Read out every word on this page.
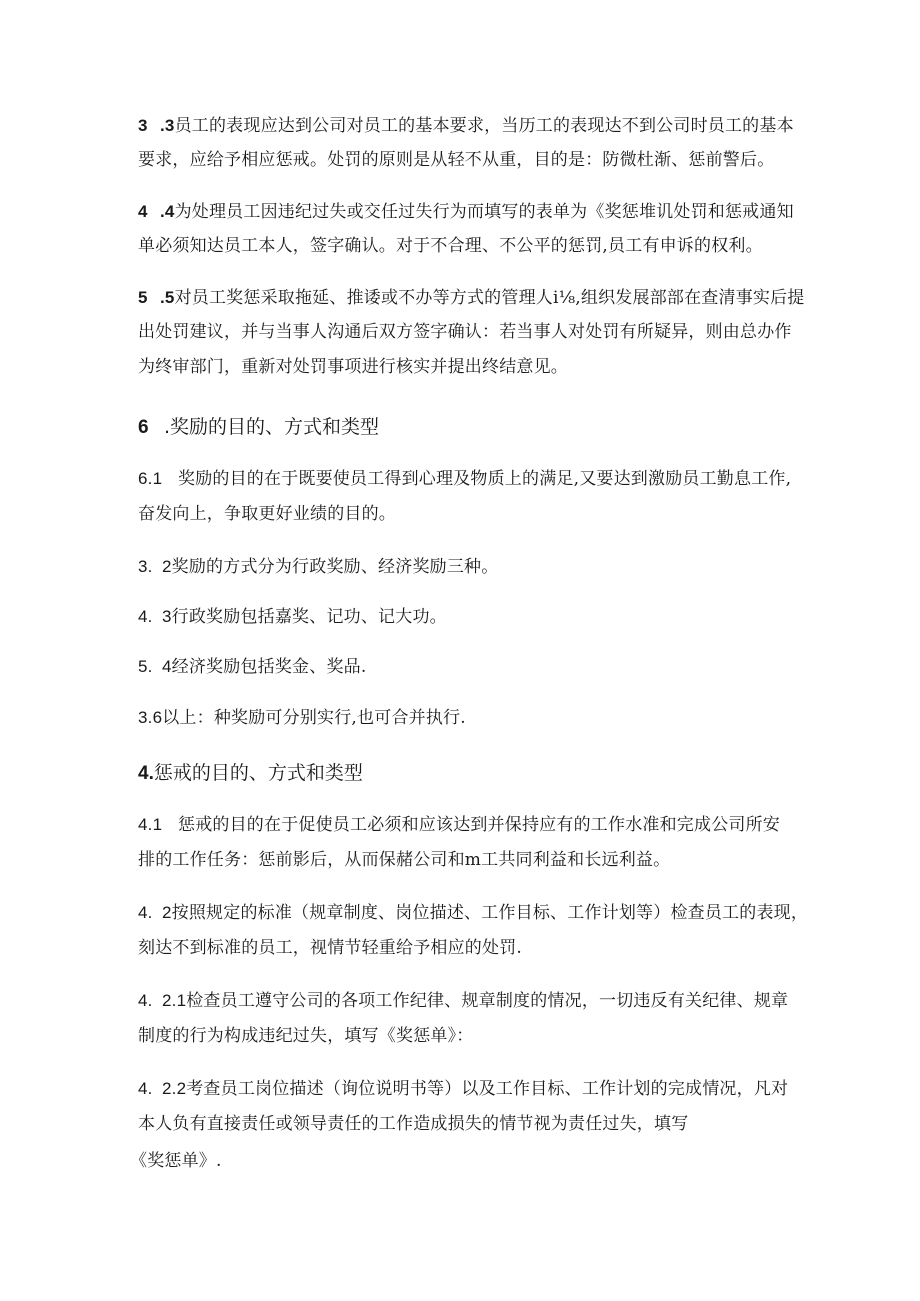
3 .3员工的表现应达到公司对员工的基本要求，当历工的表现达不到公司时员工的基本
要求，应给予相应惩戒。处罚的原则是从轻不从重，目的是：防微杜渐、惩前警后。
4 .4为处理员工因违纪过失或交任过失行为而填写的表单为《奖惩堆讥处罚和惩戒通知
单必须知达员工本人，签字确认。对于不合理、不公平的惩罚,员工有申诉的权利。
5 .5对员工奖惩采取拖延、推诿或不办等方式的管理人i⅛,组织发展部部在查清事实后提
出处罚建议，并与当事人沟通后双方签字确认：若当事人对处罚有所疑异，则由总办作
为终审部门，重新对处罚事项进行核实并提出终结意见。
6 .奖励的目的、方式和类型
6.1 奖励的目的在于既要使员工得到心理及物质上的满足,又要达到激励员工勤息工作,
奋发向上，争取更好业绩的目的。
3. 2奖励的方式分为行政奖励、经济奖励三种。
4. 3行政奖励包括嘉奖、记功、记大功。
5. 4经济奖励包括奖金、奖品.
3.6以上：种奖励可分别实行,也可合并执行.
4.惩戒的目的、方式和类型
4.1 惩戒的目的在于促使员工必须和应该达到并保持应有的工作水准和完成公司所安
排的工作任务：惩前影后，从而保赭公司和m工共同利益和长远利益。
4. 2按照规定的标准（规章制度、岗位描述、工作目标、工作计划等）检查员工的表现，
刻达不到标准的员工，视情节轻重给予相应的处罚.
4. 2.1检查员工遵守公司的各项工作纪律、规章制度的情况，一切违反有关纪律、规章
制度的行为构成违纪过失，填写《奖惩单》：
4. 2.2考查员工岗位描述（询位说明书等）以及工作目标、工作计划的完成情况，凡对
本人负有直接责任或领导责任的工作造成损失的情节视为责任过失，填写
《奖惩单》.
